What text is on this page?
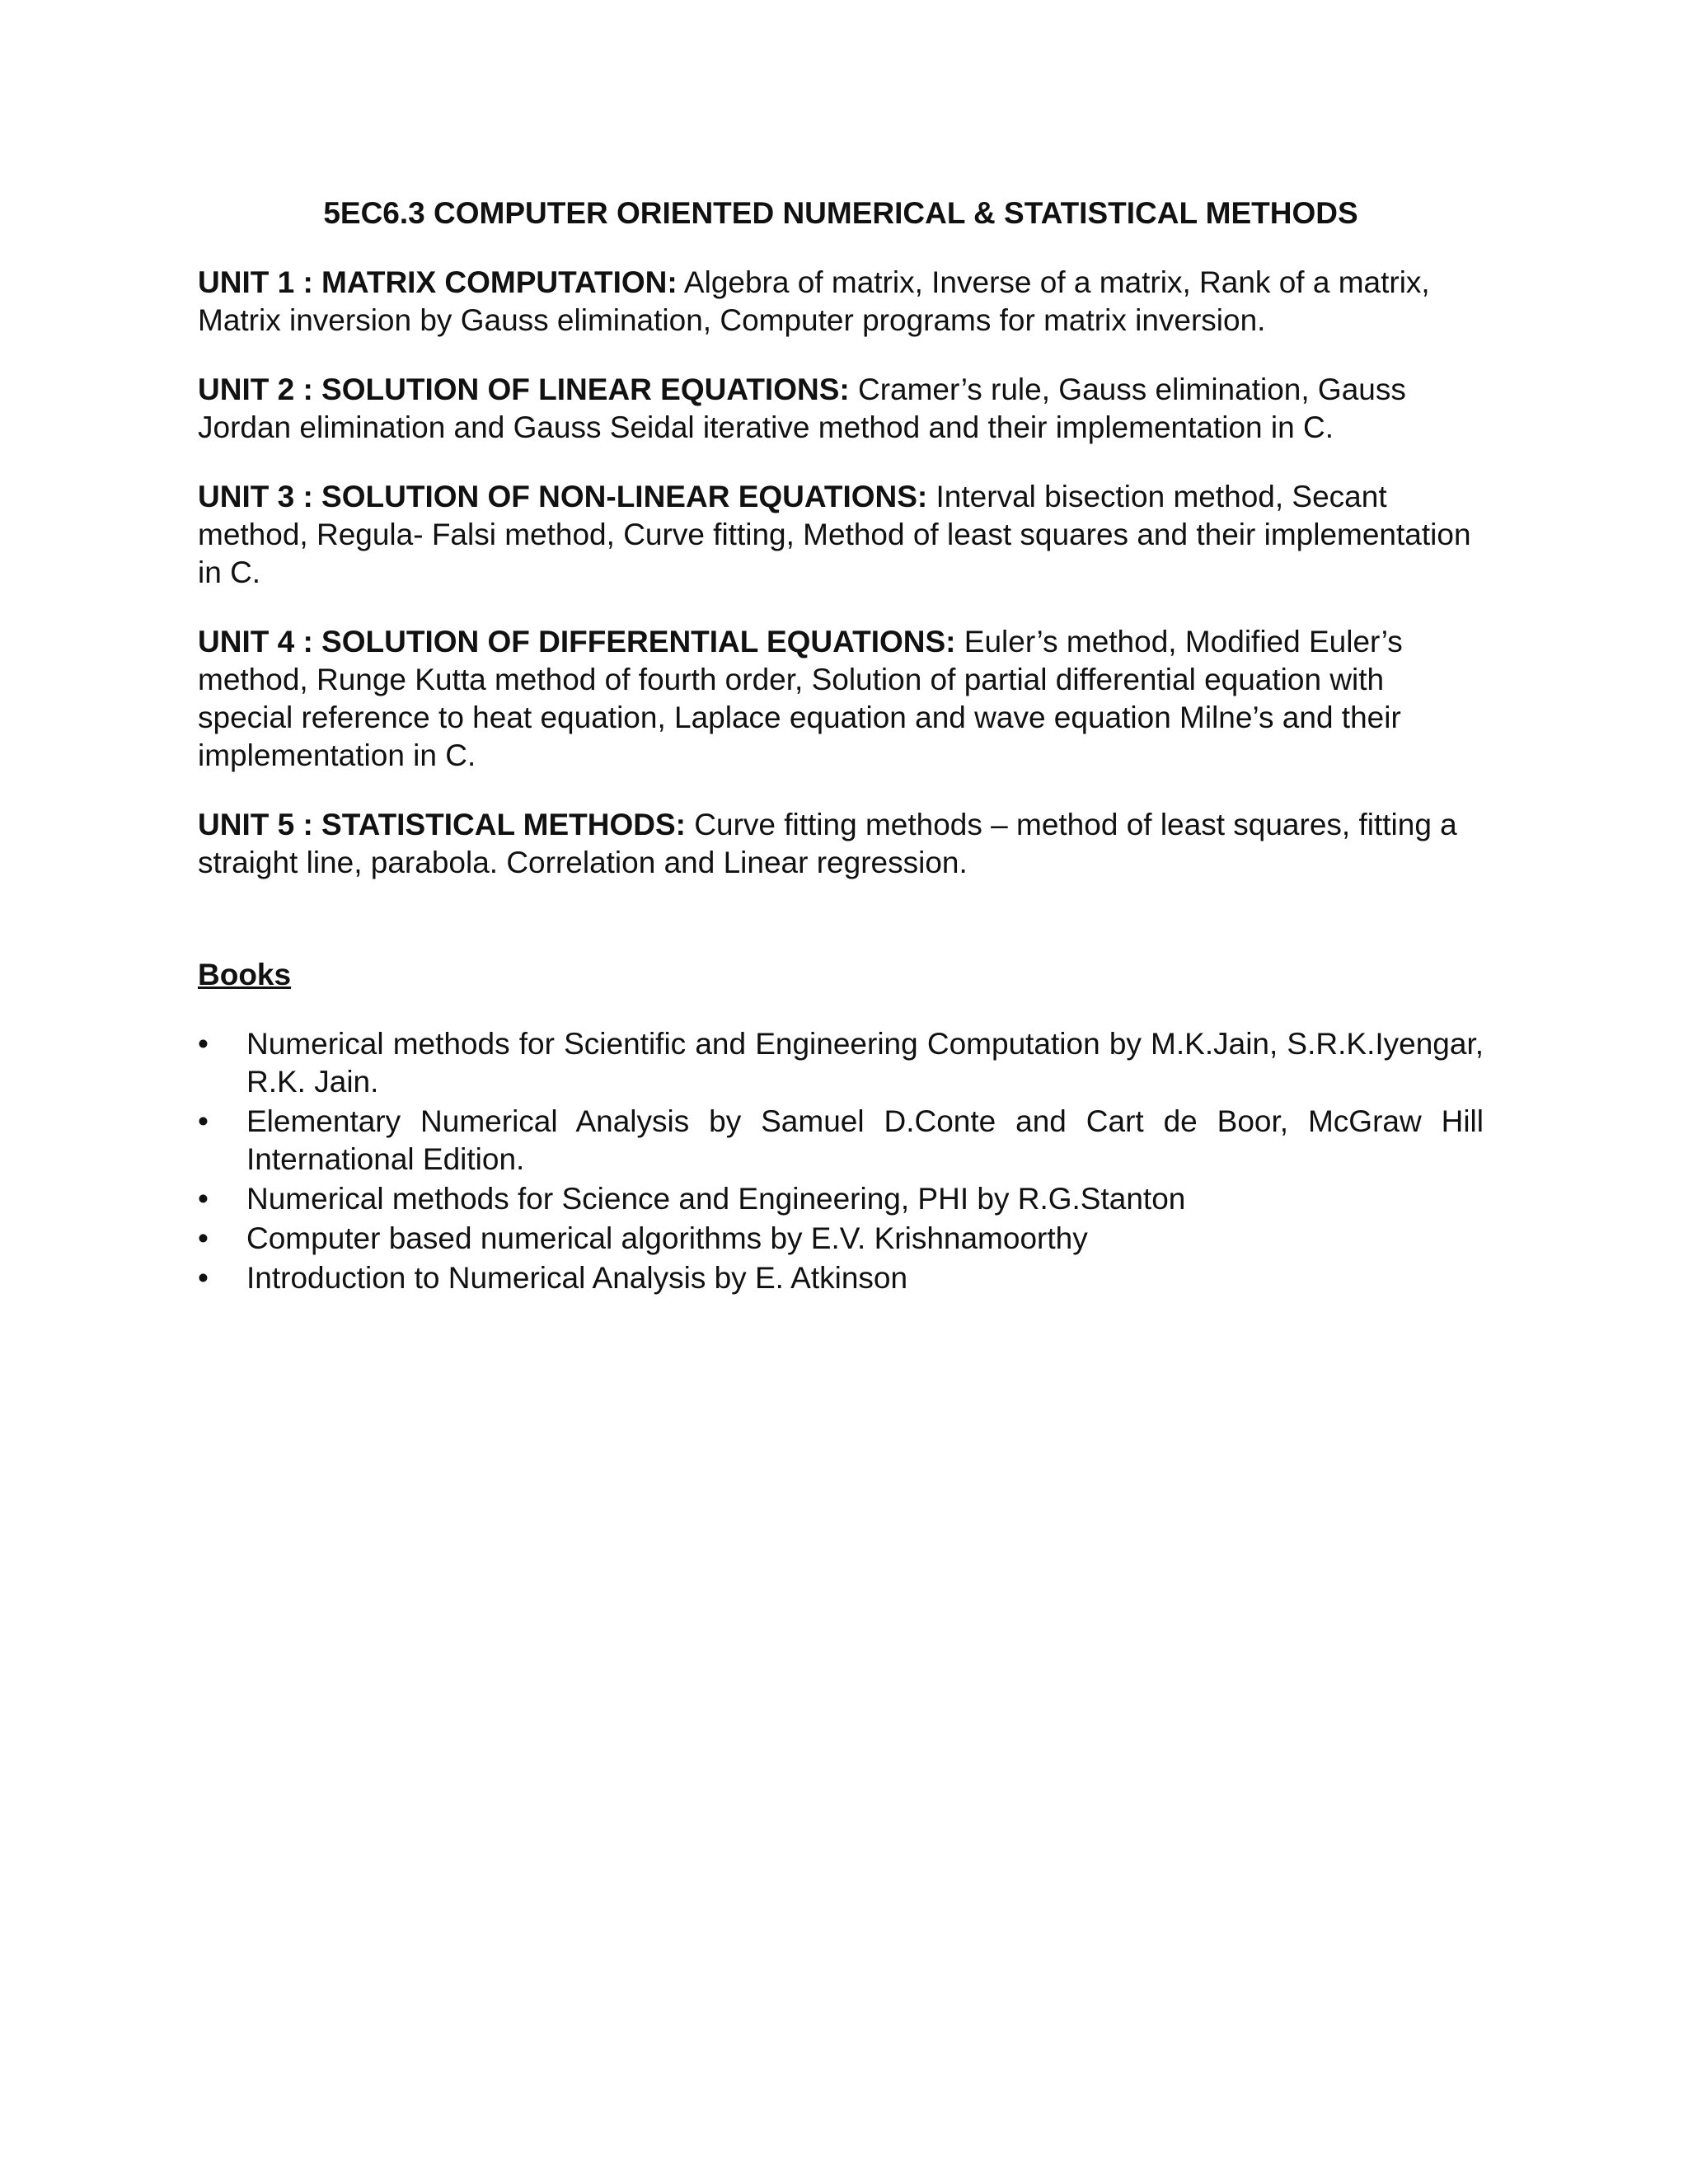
5EC6.3 COMPUTER ORIENTED NUMERICAL & STATISTICAL METHODS
UNIT 1 : MATRIX COMPUTATION: Algebra of matrix, Inverse of a matrix, Rank of a matrix, Matrix inversion by Gauss elimination, Computer programs for matrix inversion.
UNIT 2 : SOLUTION OF LINEAR EQUATIONS: Cramer’s rule, Gauss elimination, Gauss Jordan elimination and Gauss Seidal iterative method and their implementation in C.
UNIT 3 : SOLUTION OF NON-LINEAR EQUATIONS: Interval bisection method, Secant method, Regula- Falsi method, Curve fitting, Method of least squares and their implementation in C.
UNIT 4 : SOLUTION OF DIFFERENTIAL EQUATIONS: Euler’s method, Modified Euler’s method, Runge Kutta method of fourth order, Solution of partial differential equation with special reference to heat equation, Laplace equation and wave equation Milne’s and their implementation in C.
UNIT 5 : STATISTICAL METHODS: Curve fitting methods – method of least squares, fitting a straight line, parabola. Correlation and Linear regression.
Books
•	Numerical methods for Scientific and Engineering Computation by M.K.Jain, S.R.K.Iyengar, R.K. Jain.
•	Elementary Numerical Analysis by Samuel D.Conte and Cart de Boor, McGraw Hill International Edition.
•	Numerical methods for Science and Engineering, PHI by R.G.Stanton
•	Computer based numerical algorithms by E.V. Krishnamoorthy
•	Introduction to Numerical Analysis by E. Atkinson
